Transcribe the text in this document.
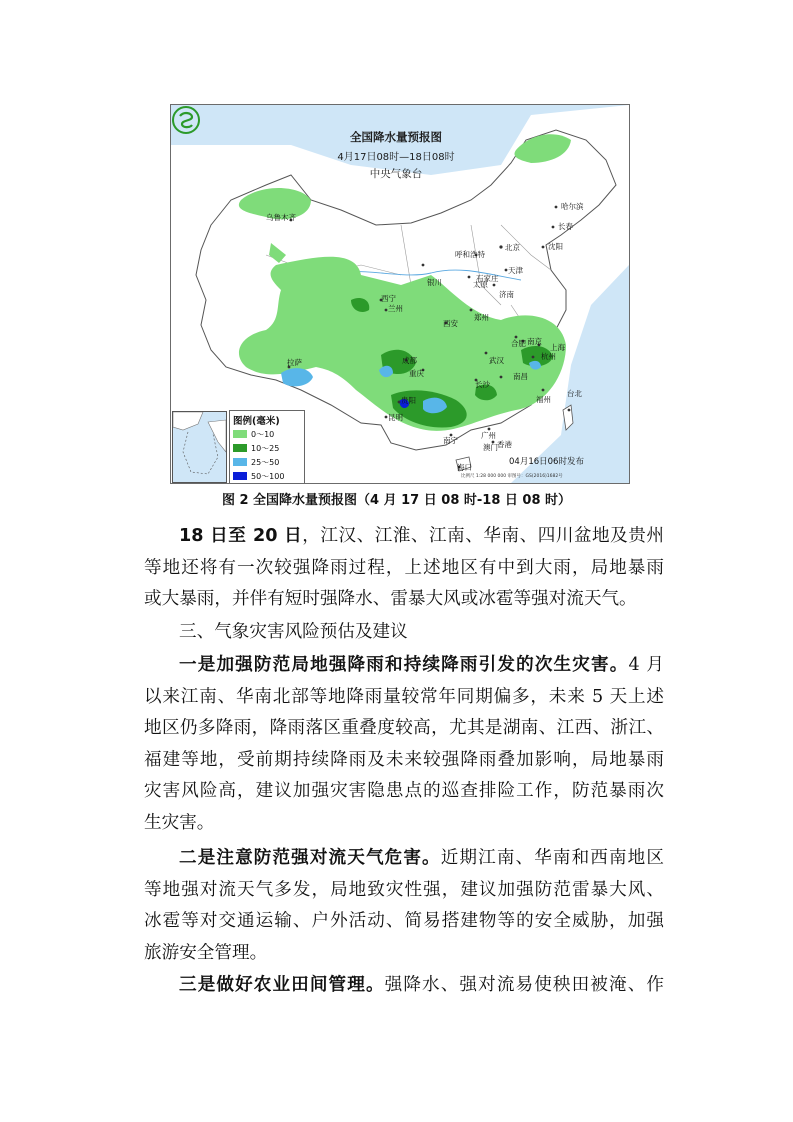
全国降水量预报图
4月17日08时—18日08时
中央气象台
哈尔滨
长春
沈阳
乌鲁木齐
北京
天津
呼和浩特
石家庄
太原
济南
银川
西宁
兰州
郑州
西安
南京
合肥	上海
杭州
武汉
成都
重庆
拉萨
长沙
南昌
福州
台北
贵阳
昆明
广州
南宁	香港
澳门
海口
图例(毫米)
0～10
10～25
25～50
50～100
04月16日06时发布
比例尺 1:28 000 000 审图号：GS(2016)1682号
图 2 全国降水量预报图（4 月 17 日 08 时-18 日 08 时）
18 日至 20 日，江汉、江淮、江南、华南、四川盆地及贵州
等地还将有一次较强降雨过程，上述地区有中到大雨，局地暴雨
或大暴雨，并伴有短时强降水、雷暴大风或冰雹等强对流天气。
三、气象灾害风险预估及建议
一是加强防范局地强降雨和持续降雨引发的次生灾害。4 月
以来江南、华南北部等地降雨量较常年同期偏多，未来 5 天上述
地区仍多降雨，降雨落区重叠度较高，尤其是湖南、江西、浙江、
福建等地，受前期持续降雨及未来较强降雨叠加影响，局地暴雨
灾害风险高，建议加强灾害隐患点的巡查排险工作，防范暴雨次
生灾害。
二是注意防范强对流天气危害。近期江南、华南和西南地区
等地强对流天气多发，局地致灾性强，建议加强防范雷暴大风、
冰雹等对交通运输、户外活动、简易搭建物等的安全威胁，加强
旅游安全管理。
三是做好农业田间管理。强降水、强对流易使秧田被淹、作
